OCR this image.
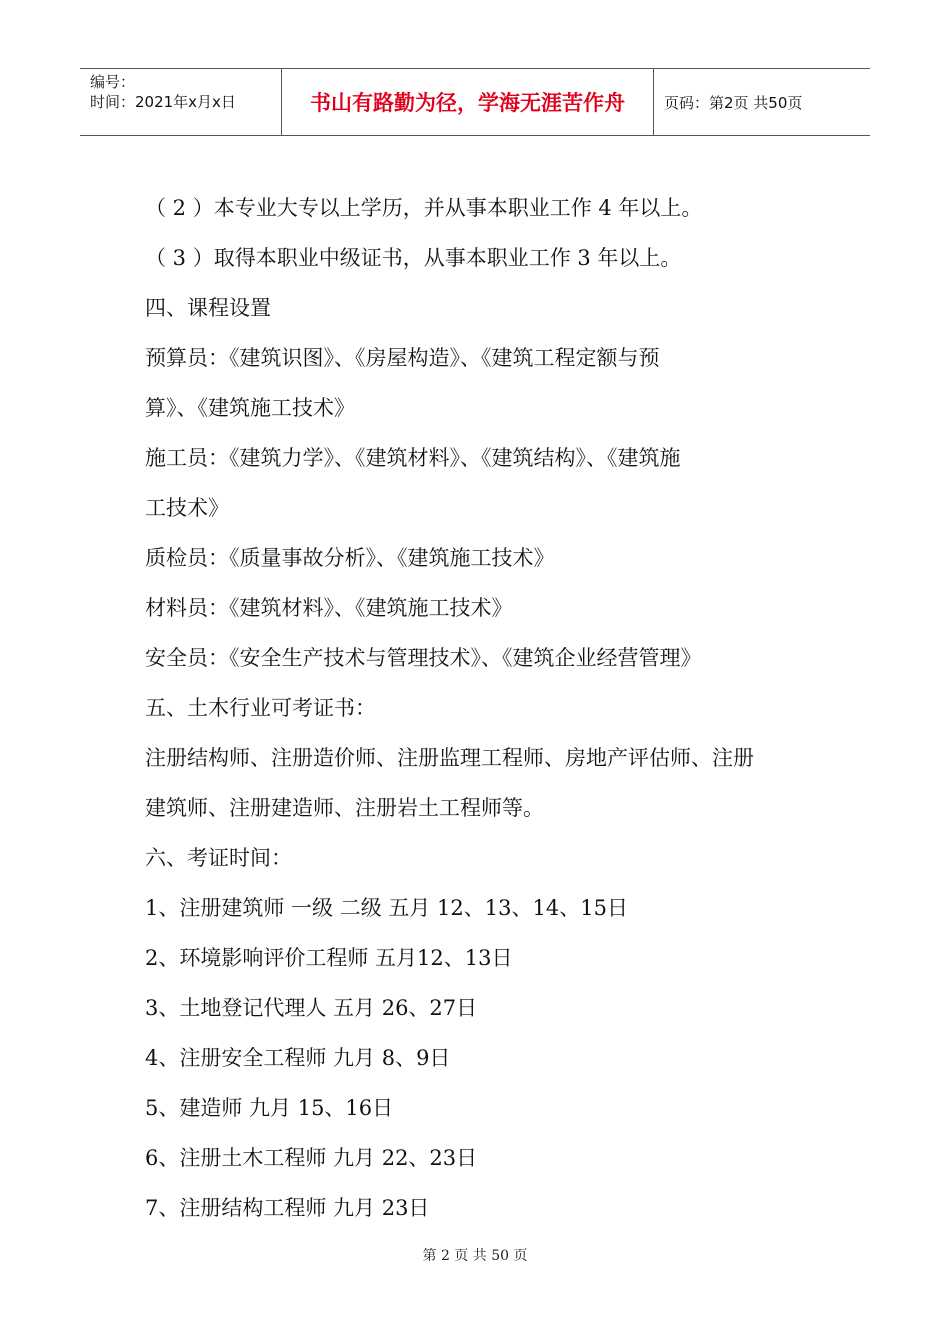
编号：
时间：2021年x月x日	书山有路勤为径，学海无涯苦作舟	页码：第2页 共50页
（ 2 ）本专业大专以上学历，并从事本职业工作 4 年以上。
（ 3 ）取得本职业中级证书，从事本职业工作 3 年以上。
四、课程设置
预算员：《建筑识图》、《房屋构造》、《建筑工程定额与预
算》、《建筑施工技术》
施工员：《建筑力学》、《建筑材料》、《建筑结构》、《建筑施
工技术》
质检员：《质量事故分析》、《建筑施工技术》
材料员：《建筑材料》、《建筑施工技术》
安全员：《安全生产技术与管理技术》、《建筑企业经营管理》
五、土木行业可考证书：
注册结构师、注册造价师、注册监理工程师、房地产评估师、注册
建筑师、注册建造师、注册岩土工程师等。
六、考证时间：
1、注册建筑师 一级 二级 五月 12、13、14、15日
2、环境影响评价工程师 五月12、13日
3、土地登记代理人 五月 26、27日
4、注册安全工程师 九月 8、9日
5、建造师 九月 15、16日
6、注册土木工程师 九月 22、23日
7、注册结构工程师 九月 23日
第 2 页 共 50 页
